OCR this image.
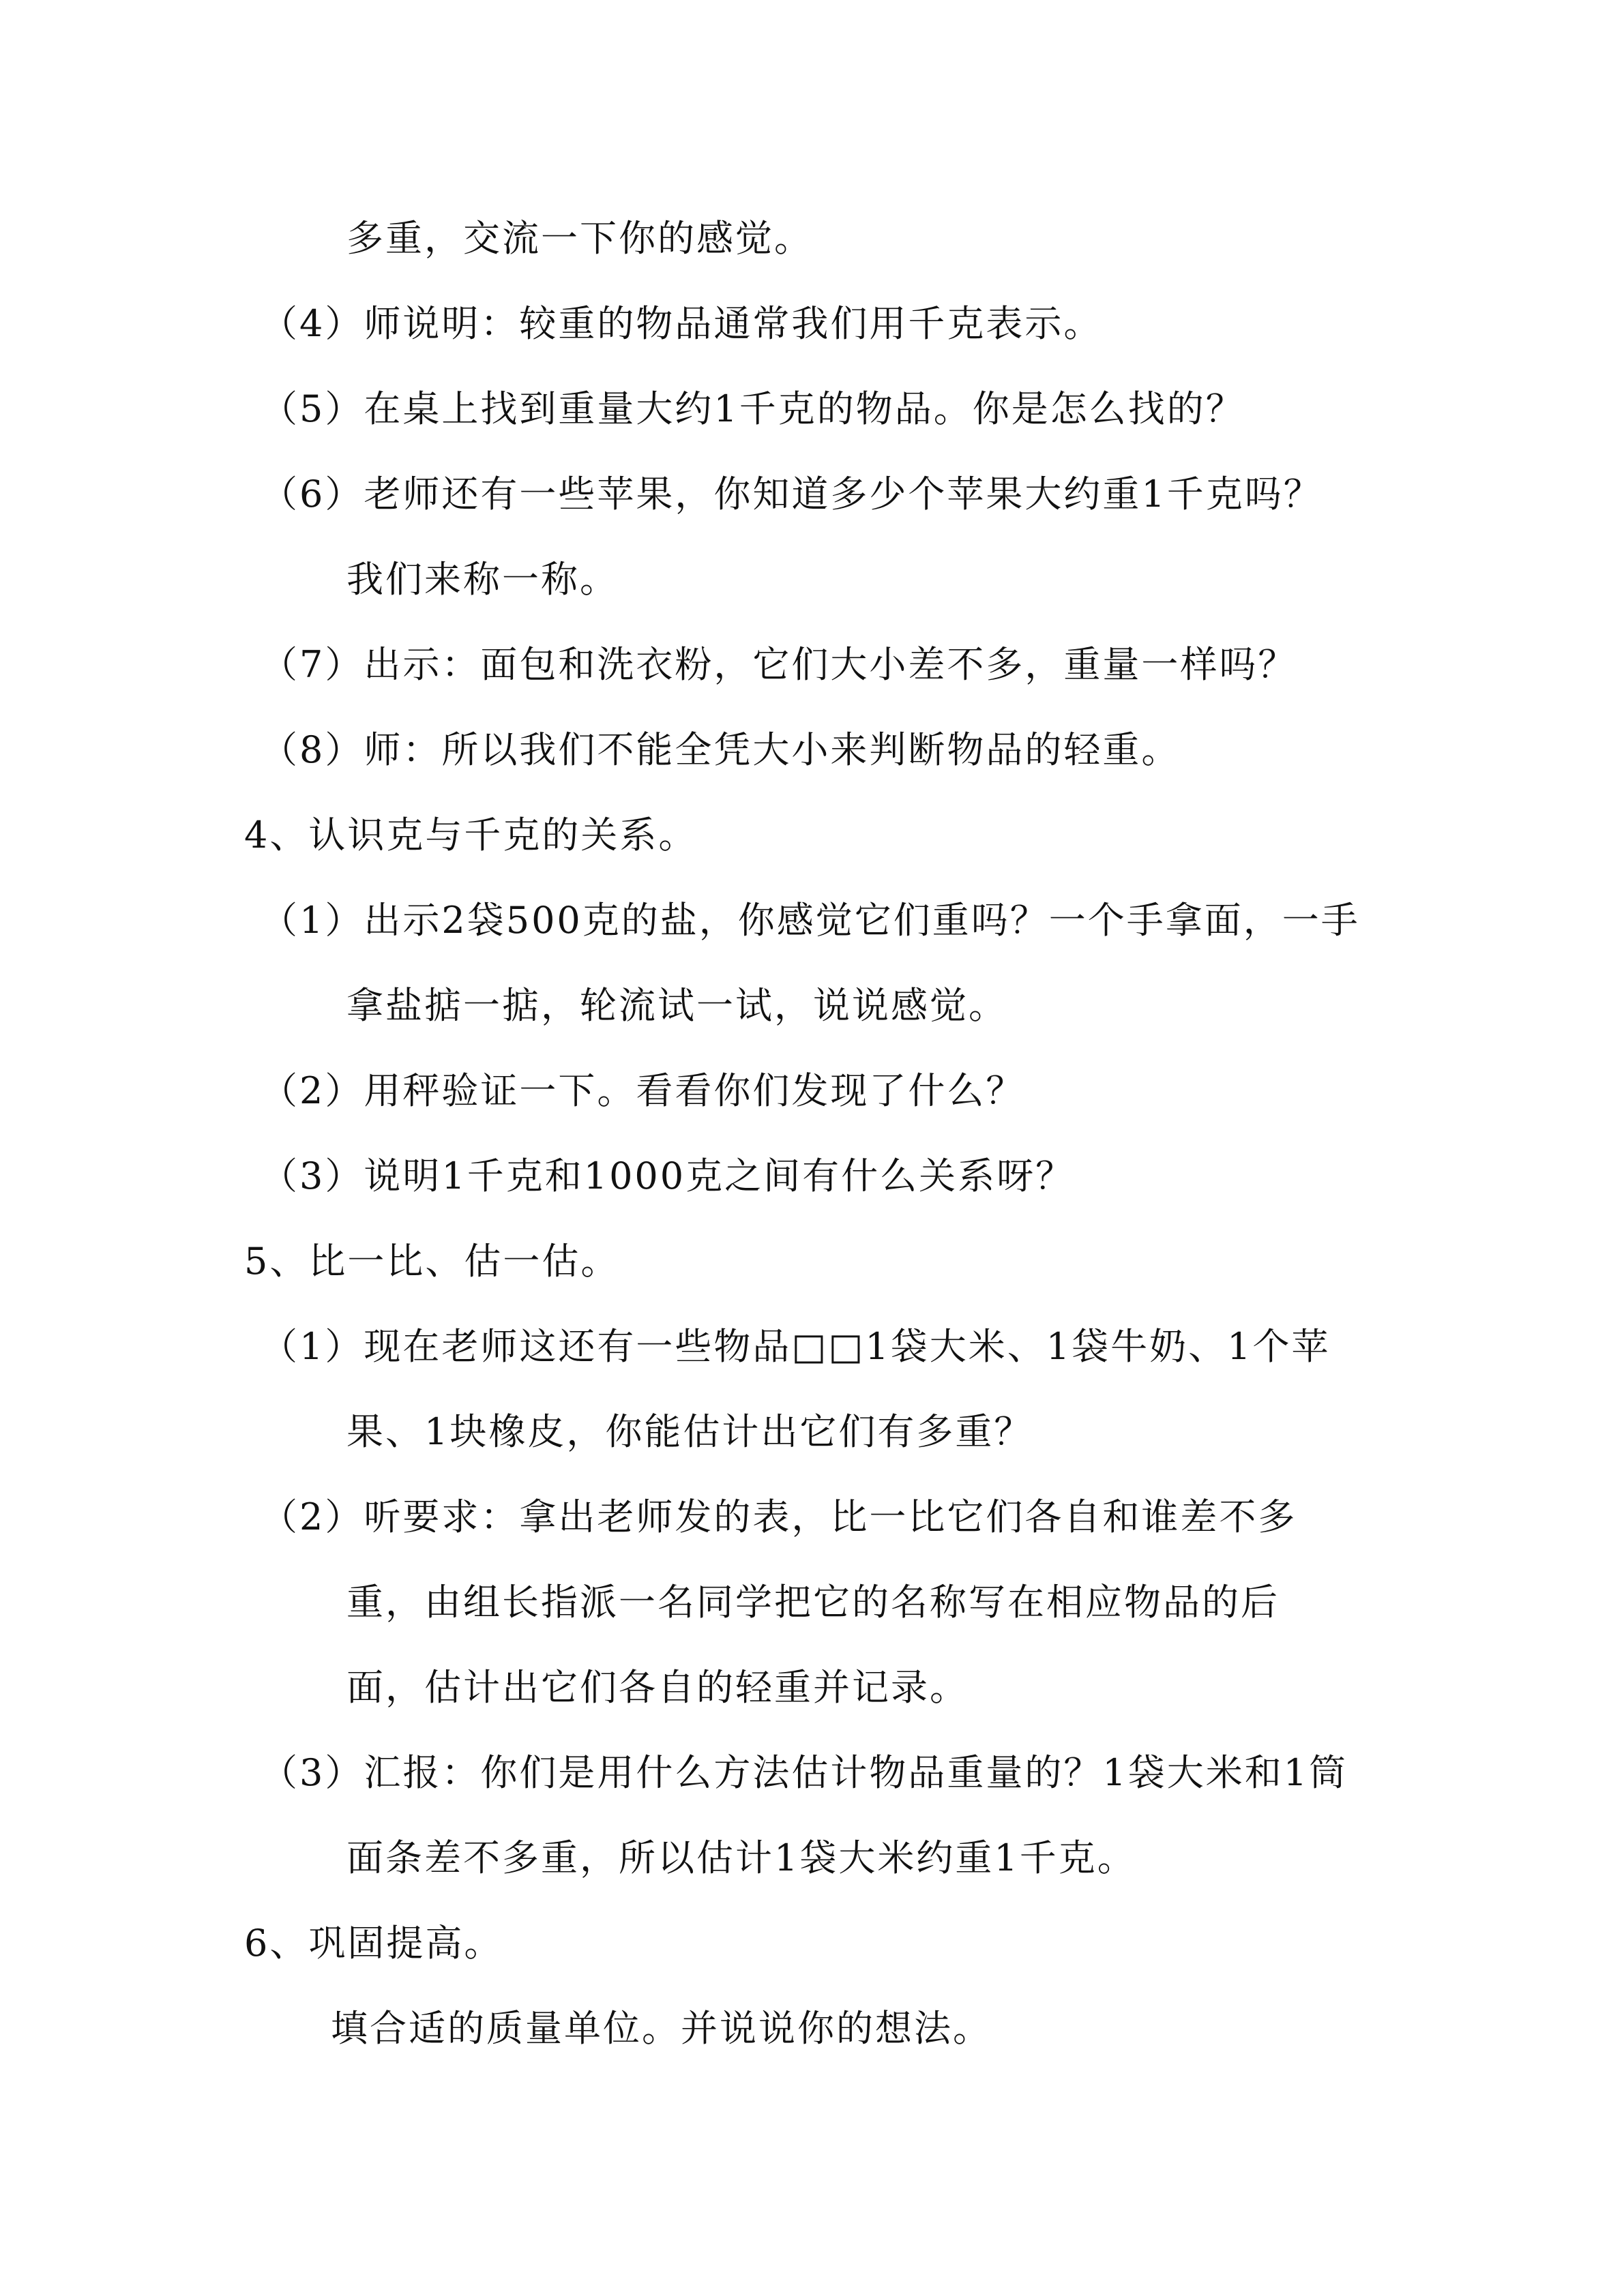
多重，交流一下你的感觉。
（4）师说明：较重的物品通常我们用千克表示。
（5）在桌上找到重量大约1千克的物品。你是怎么找的？
（6）老师还有一些苹果，你知道多少个苹果大约重1千克吗？
我们来称一称。
（7）出示：面包和洗衣粉，它们大小差不多，重量一样吗？
（8）师：所以我们不能全凭大小来判断物品的轻重。
4、认识克与千克的关系。
（1）出示2袋500克的盐，你感觉它们重吗？一个手拿面，一手
拿盐掂一掂，轮流试一试，说说感觉。
（2）用秤验证一下。看看你们发现了什么？
（3）说明1千克和1000克之间有什么关系呀？
5、比一比、估一估。
（1）现在老师这还有一些物品□□1袋大米、1袋牛奶、1个苹
果、1块橡皮，你能估计出它们有多重？
（2）听要求：拿出老师发的表，比一比它们各自和谁差不多
重，由组长指派一名同学把它的名称写在相应物品的后
面，估计出它们各自的轻重并记录。
（3）汇报：你们是用什么方法估计物品重量的？1袋大米和1筒
面条差不多重，所以估计1袋大米约重1千克。
6、巩固提高。
填合适的质量单位。并说说你的想法。
